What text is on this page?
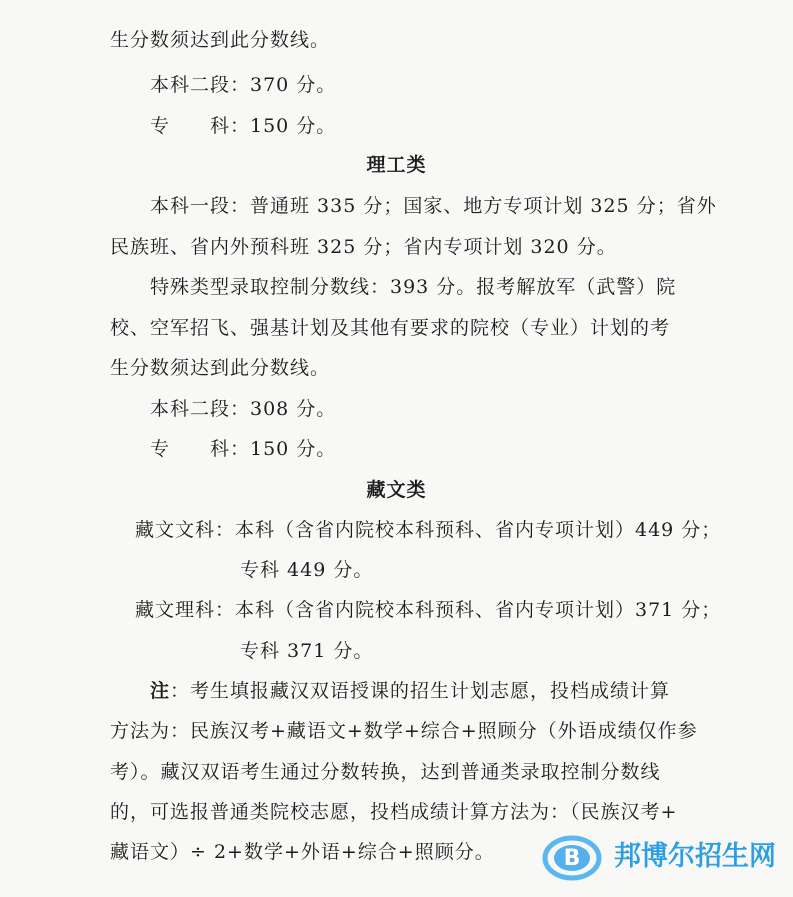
生分数须达到此分数线。
本科二段：370 分。
专　　科：150 分。
理工类
本科一段：普通班 335 分；国家、地方专项计划 325 分；省外
民族班、省内外预科班 325 分；省内专项计划 320 分。
特殊类型录取控制分数线：393 分。报考解放军（武警）院
校、空军招飞、强基计划及其他有要求的院校（专业）计划的考
生分数须达到此分数线。
本科二段：308 分。
专　　科：150 分。
藏文类
藏文文科：本科（含省内院校本科预科、省内专项计划）449 分；
专科 449 分。
藏文理科：本科（含省内院校本科预科、省内专项计划）371 分；
专科 371 分。
注：考生填报藏汉双语授课的招生计划志愿，投档成绩计算
方法为：民族汉考+藏语文+数学+综合+照顾分（外语成绩仅作参
考）。藏汉双语考生通过分数转换，达到普通类录取控制分数线
的，可选报普通类院校志愿，投档成绩计算方法为：（民族汉考+
藏语文）÷ 2+数学+外语+综合+照顾分。	B 邦博尔招生网
